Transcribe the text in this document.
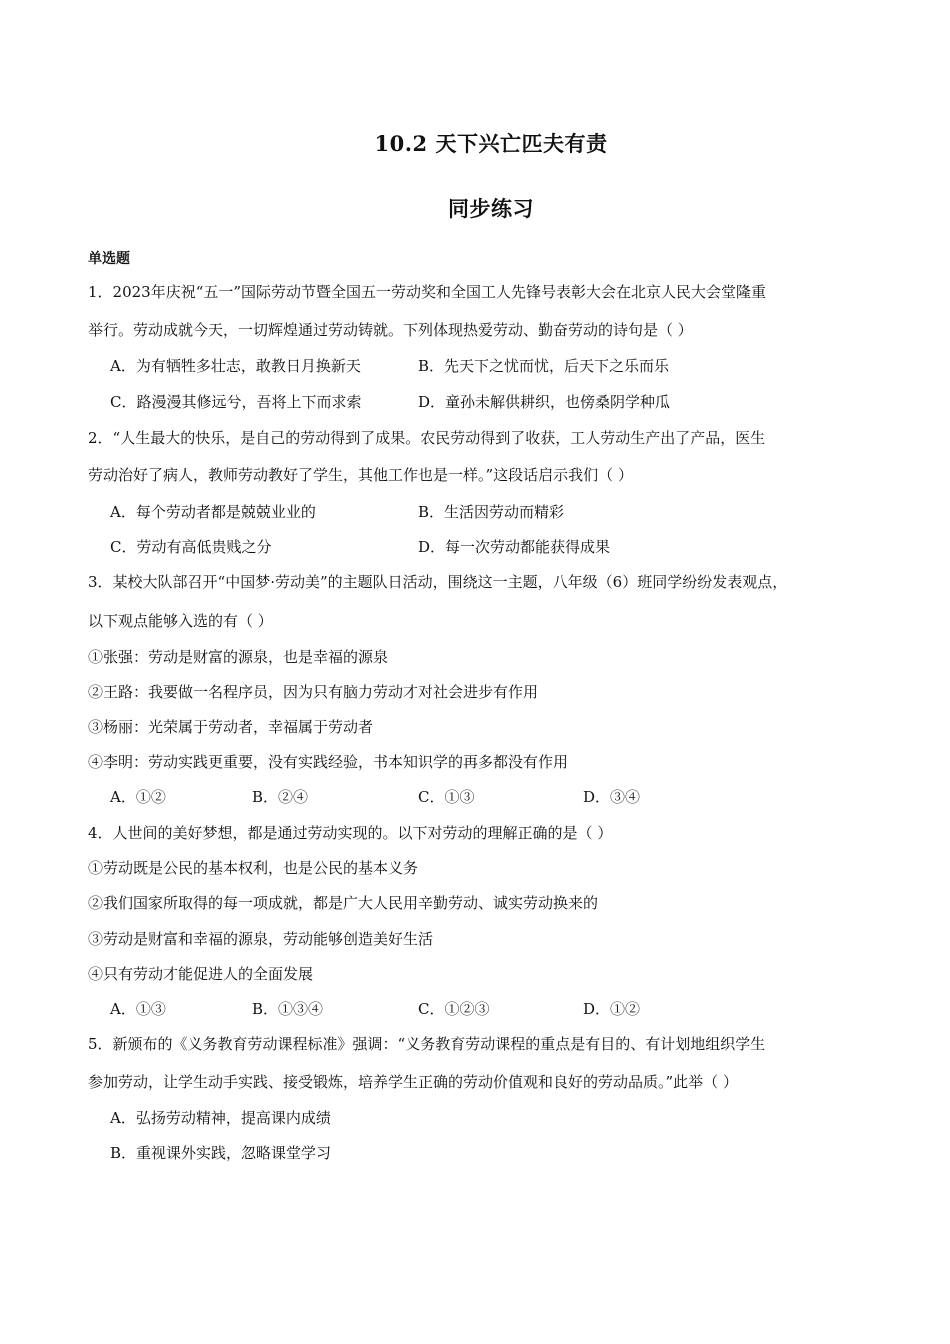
10.2 天下兴亡匹夫有责
同步练习
单选题
1．2023年庆祝“五一”国际劳动节暨全国五一劳动奖和全国工人先锋号表彰大会在北京人民大会堂隆重
举行。劳动成就今天，一切辉煌通过劳动铸就。下列体现热爱劳动、勤奋劳动的诗句是（ ）
A．为有牺牲多壮志，敢教日月换新天	B．先天下之忧而忧，后天下之乐而乐
C．路漫漫其修远兮，吾将上下而求索	D．童孙未解供耕织，也傍桑阴学种瓜
2．“人生最大的快乐，是自己的劳动得到了成果。农民劳动得到了收获，工人劳动生产出了产品，医生
劳动治好了病人，教师劳动教好了学生，其他工作也是一样。”这段话启示我们（ ）
A．每个劳动者都是兢兢业业的	B．生活因劳动而精彩
C．劳动有高低贵贱之分	D．每一次劳动都能获得成果
3．某校大队部召开“中国梦·劳动美”的主题队日活动，围绕这一主题，八年级（6）班同学纷纷发表观点，
以下观点能够入选的有（ ）
①张强：劳动是财富的源泉，也是幸福的源泉
②王路：我要做一名程序员，因为只有脑力劳动才对社会进步有作用
③杨丽：光荣属于劳动者，幸福属于劳动者
④李明：劳动实践更重要，没有实践经验，书本知识学的再多都没有作用
A．①②	B．②④	C．①③	D．③④
4．人世间的美好梦想，都是通过劳动实现的。以下对劳动的理解正确的是（ ）
①劳动既是公民的基本权利，也是公民的基本义务
②我们国家所取得的每一项成就，都是广大人民用辛勤劳动、诚实劳动换来的
③劳动是财富和幸福的源泉，劳动能够创造美好生活
④只有劳动才能促进人的全面发展
A．①③	B．①③④	C．①②③	D．①②
5．新颁布的《义务教育劳动课程标准》强调：“义务教育劳动课程的重点是有目的、有计划地组织学生
参加劳动，让学生动手实践、接受锻炼，培养学生正确的劳动价值观和良好的劳动品质。”此举（ ）
A．弘扬劳动精神，提高课内成绩
B．重视课外实践，忽略课堂学习
